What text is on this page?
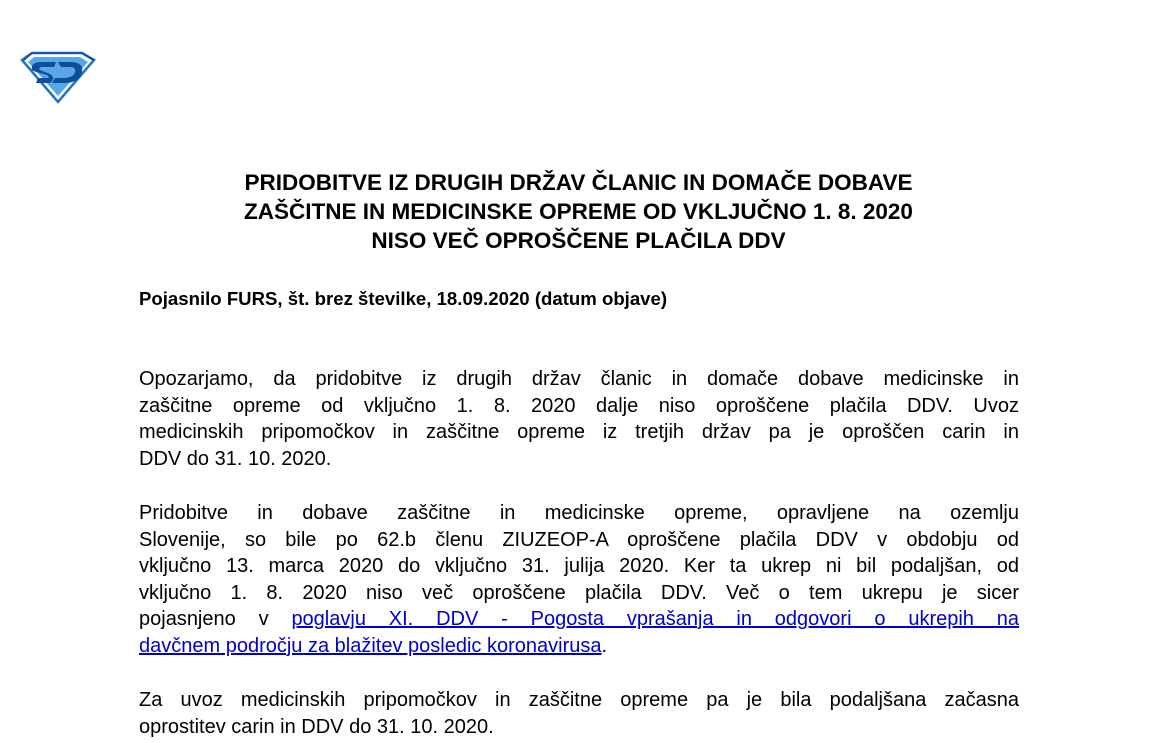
PRIDOBITVE IZ DRUGIH DRŽAV ČLANIC IN DOMAČE DOBAVE
ZAŠČITNE IN MEDICINSKE OPREME OD VKLJUČNO 1. 8. 2020
NISO VEČ OPROŠČENE PLAČILA DDV

Pojasnilo FURS, št. brez številke, 18.09.2020 (datum objave)

Opozarjamo, da pridobitve iz drugih držav članic in domače dobave medicinske in
zaščitne opreme od vključno 1. 8. 2020 dalje niso oproščene plačila DDV. Uvoz
medicinskih pripomočkov in zaščitne opreme iz tretjih držav pa je oproščen carin in
DDV do 31. 10. 2020.
Pridobitve in dobave zaščitne in medicinske opreme, opravljene na ozemlju
Slovenije, so bile po 62.b členu ZIUZEOP-A oproščene plačila DDV v obdobju od
vključno 13. marca 2020 do vključno 31. julija 2020. Ker ta ukrep ni bil podaljšan, od
vključno 1. 8. 2020 niso več oproščene plačila DDV. Več o tem ukrepu je sicer
pojasnjeno v poglavju XI. DDV - Pogosta vprašanja in odgovori o ukrepih na
davčnem področju za blažitev posledic koronavirusa.
Za uvoz medicinskih pripomočkov in zaščitne opreme pa je bila podaljšana začasna
oprostitev carin in DDV do 31. 10. 2020.
